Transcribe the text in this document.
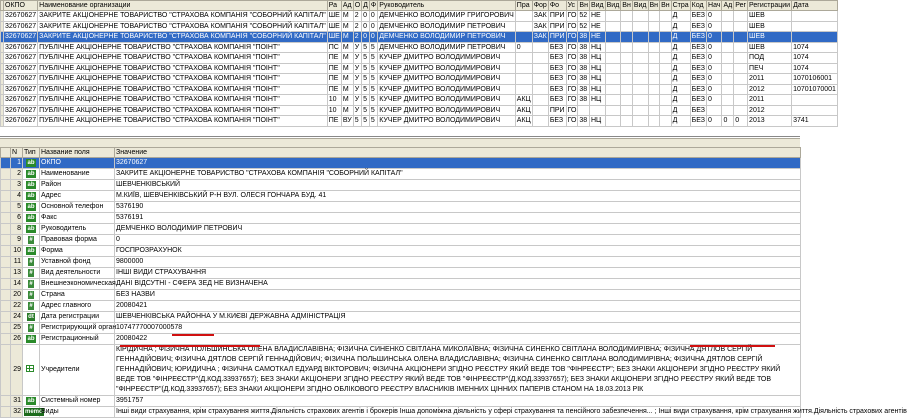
	ОКПО	Наименование организации	Ра	Ад	О	Д	Ф	Руководитель	Пра	Фор	Фо	Ус	Вн	Вид	Вид	Вн	Вид	Вн	Вн	Стра	Код	Нач	Ад	Рег	Регистрации	Дата
	32670627	ЗАКРИТЕ АКЦІОНЕРНЕ ТОВАРИСТВО "СТРАХОВА КОМПАНІЯ "СОБОРНИЙ КАПІТАЛ"	ШЕ	М	2	0	0	ДЕМЧЕНКО ВОЛОДИМИР ГРИГОРОВИЧ		ЗАК	ПРИ	ГО	52	НЕ						Д	БЕЗ	0			ШЕВ	
	32670627	ЗАКРИТЕ АКЦІОНЕРНЕ ТОВАРИСТВО "СТРАХОВА КОМПАНІЯ "СОБОРНИЙ КАПІТАЛ"	ШЕ	М	2	0	0	ДЕМЧЕНКО ВОЛОДИМИР ПЕТРОВИЧ		ЗАК	ПРИ	ГО	52	НЕ						Д	БЕЗ	0			ШЕВ	
	32670627	ЗАКРИТЕ АКЦІОНЕРНЕ ТОВАРИСТВО "СТРАХОВА КОМПАНІЯ "СОБОРНИЙ КАПІТАЛ"	ШЕ	М	2	0	0	ДЕМЧЕНКО ВОЛОДИМИР ПЕТРОВИЧ		ЗАК	ПРИ	ГО	38	НЕ						Д	БЕЗ	0			ШЕВ	
	32670627	ПУБЛІЧНЕ АКЦІОНЕРНЕ ТОВАРИСТВО "СТРАХОВА КОМПАНІЯ "ПОІНТ"	ПС	М	У	5	5	ДЕМЧЕНКО ВОЛОДИМИР ПЕТРОВИЧ	0		БЕЗ	ГО	38	НЦ						Д	БЕЗ	0			ШЕВ	1074
	32670627	ПУБЛІЧНЕ АКЦІОНЕРНЕ ТОВАРИСТВО "СТРАХОВА КОМПАНІЯ "ПОІНТ"	ПЕ	М	У	5	5	КУЧЕР ДМИТРО ВОЛОДИМИРОВИЧ			БЕЗ	ГО	38	НЦ						Д	БЕЗ	0			ПОД	1074
	32670627	ПУБЛІЧНЕ АКЦІОНЕРНЕ ТОВАРИСТВО "СТРАХОВА КОМПАНІЯ "ПОІНТ"	ПЕ	М	У	5	5	КУЧЕР ДМИТРО ВОЛОДИМИРОВИЧ			БЕЗ	ГО	38	НЦ						Д	БЕЗ	0			ПЕЧ	1074
	32670627	ПУБЛІЧНЕ АКЦІОНЕРНЕ ТОВАРИСТВО "СТРАХОВА КОМПАНІЯ "ПОІНТ"	ПЕ	М	У	5	5	КУЧЕР ДМИТРО ВОЛОДИМИРОВИЧ			БЕЗ	ГО	38	НЦ						Д	БЕЗ	0			2011	1070106001
	32670627	ПУБЛІЧНЕ АКЦІОНЕРНЕ ТОВАРИСТВО "СТРАХОВА КОМПАНІЯ "ПОІНТ"	ПЕ	М	У	5	5	КУЧЕР ДМИТРО ВОЛОДИМИРОВИЧ			БЕЗ	ГО	38	НЦ						Д	БЕЗ	0			2012	10701070001
	32670627	ПУБЛІЧНЕ АКЦІОНЕРНЕ ТОВАРИСТВО "СТРАХОВА КОМПАНІЯ "ПОІНТ"	10	М	У	5	5	КУЧЕР ДМИТРО ВОЛОДИМИРОВИЧ	АКЦ		БЕЗ	ГО	38	НЦ						Д	БЕЗ	0			2011	
	32670627	ПУБЛІЧНЕ АКЦІОНЕРНЕ ТОВАРИСТВО "СТРАХОВА КОМПАНІЯ "ПОІНТ"	10	М	У	5	5	КУЧЕР ДМИТРО ВОЛОДИМИРОВИЧ	АКЦ		ПРИ	ГО								Д	БЕЗ				2012	
	32670627	ПУБЛІЧНЕ АКЦІОНЕРНЕ ТОВАРИСТВО "СТРАХОВА КОМПАНІЯ "ПОІНТ"	ПЕ	ВУ	5	5	5	КУЧЕР ДМИТРО ВОЛОДИМИРОВИЧ	АКЦ		БЕЗ	ГО	38	НЦ						Д	БЕЗ	0	0	0	2013	3741
	N	Тип	Название поля	Значение
	1	ab	ОКПО	32670627
	2	ab	Наименование	ЗАКРИТЕ АКЦІОНЕРНЕ ТОВАРИСТВО "СТРАХОВА КОМПАНІЯ "СОБОРНИЙ КАПІТАЛ"
	3	ab	Район	ШЕВЧЕНКІВСЬКИЙ
	4	ab	Адрес	М.КИЇВ, ШЕВЧЕНКІВСЬКИЙ Р-Н ВУЛ. ОЛЕСЯ ГОНЧАРА БУД. 41
	5	ab	Основной телефон	5376190
	6	ab	Факс	5376191
	8	ab	Руководитель	ДЕМЧЕНКО ВОЛОДИМИР ПЕТРОВИЧ
	9	#	Правовая форма	0
	10	ab	Форма	ГОСПРОЗРАХУНОК
	11	#	Уставной фонд	9800000
	13	#	Вид деятельности	ІНШІ ВИДИ СТРАХУВАННЯ
	14	#	Внешнеэкономическая	ДАНІ ВІДСУТНІ - СФЕРА ЗЕД НЕ ВИЗНАЧЕНА
	20	#	Страна	БЕЗ НАЗВИ
	22	#	Адрес главного	20080421
	24	dt	Дата регистрации	ШЕВЧЕНКІВСЬКА РАЙОННА У М.КИЄВІ ДЕРЖАВНА АДМІНІСТРАЦІЯ
	25	#	Регистрирующий орган	10747770007000578
	26	ab	Регистрационный	20080422
	29		Учредители	КІРІДИЧНА ; ФІЗИЧНА ПОЛЬШИНСЬКА ОЛЕНА ВЛАДИСЛАВІВНА; ФІЗИЧНА СИНЕНКО СВІТЛАНА МИКОЛАЇВНА; ФІЗИЧНА СИНЕНКО СВІТЛАНА ВОЛОДИМИРІВНА; ФІЗИЧНА ДЯТЛОВ СЕРГІЙ ГЕННАДІЙОВИЧ; ФІЗИЧНА ДЯТЛОВ СЕРГІЙ ГЕННАДІЙОВИЧ; ФІЗИЧНА ПОЛЬШИНСЬКА ОЛЕНА ВЛАДИСЛАВІВНА; ФІЗИЧНА СИНЕНКО СВІТЛАНА ВОЛОДИМИРІВНА; ФІЗИЧНА ДЯТЛОВ СЕРГІЙ ГЕННАДІЙОВИЧ; ЮРИДИЧНА ; ФІЗИЧНА САМОТКАЛ ЕДУАРД ВІКТОРОВИЧ; ФІЗИЧНА АКЦІОНЕРИ ЗГІДНО РЕЄСТРУ ЯКИЙ ВЕДЕ ТОВ "ФІНРЕЄСТР"; БЕЗ ЗНАКИ АКЦІОНЕРИ ЗГІДНО РЕЄСТРУ ЯКИЙ ВЕДЕ ТОВ "ФІНРЕЄСТР"(Д.КОД.33937657); БЕЗ ЗНАКИ АКЦІОНЕРИ ЗГІДНО РЕЄСТРУ ЯКИЙ ВЕДЕ ТОВ "ФІНРЕЄСТР"(Д.КОД.33937657); БЕЗ ЗНАКИ АКЦІОНЕРИ ЗГІДНО РЕЄСТРУ ЯКИЙ ВЕДЕ ТОВ "ФІНРЕЄСТР"(Д.КОД.33937657); БЕЗ ЗНАКИ АКЦІОНЕРИ ЗГІДНО ОБЛІКОВОГО РЕЄСТРУ ВЛАСНИКІВ ІМЕННИХ ЦІННИХ ПАПЕРІВ СТАНОМ НА 18.03.2013 РІК
	31	ab	Системный номер	3951757
	32	memo	Виды	Інші види страхування, крім страхування життя.Діяльність страхових агентів і брокерів Інша допоміжна діяльність у сфері страхування та пенсійного забезпечення... ; Інші види страхування, крім страхування життя.Діяльність страхових агентів
